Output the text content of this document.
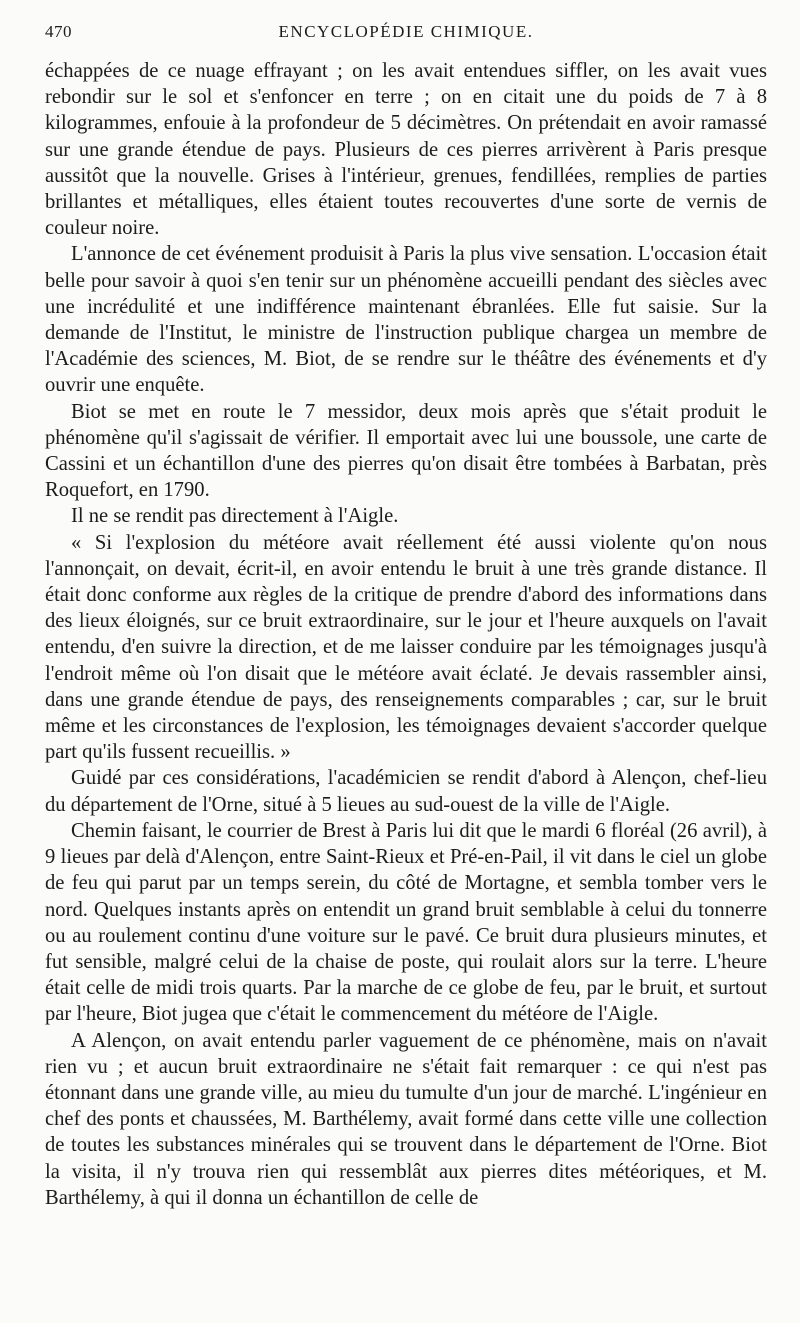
470	ENCYCLOPÉDIE CHIMIQUE.

échappées de ce nuage effrayant ; on les avait entendues siffler, on les avait vues rebondir sur le sol et s'enfoncer en terre ; on en citait une du poids de 7 à 8 kilogrammes, enfouie à la profondeur de 5 décimètres. On prétendait en avoir ramassé sur une grande étendue de pays. Plusieurs de ces pierres arrivèrent à Paris presque aussitôt que la nouvelle. Grises à l'intérieur, grenues, fendillées, remplies de parties brillantes et métalliques, elles étaient toutes recouvertes d'une sorte de vernis de couleur noire.

L'annonce de cet événement produisit à Paris la plus vive sensation. L'occasion était belle pour savoir à quoi s'en tenir sur un phénomène accueilli pendant des siècles avec une incrédulité et une indifférence maintenant ébranlées. Elle fut saisie. Sur la demande de l'Institut, le ministre de l'instruction publique chargea un membre de l'Académie des sciences, M. Biot, de se rendre sur le théâtre des événements et d'y ouvrir une enquête.

Biot se met en route le 7 messidor, deux mois après que s'était produit le phénomène qu'il s'agissait de vérifier. Il emportait avec lui une boussole, une carte de Cassini et un échantillon d'une des pierres qu'on disait être tombées à Barbatan, près Roquefort, en 1790.

Il ne se rendit pas directement à l'Aigle.

« Si l'explosion du météore avait réellement été aussi violente qu'on nous l'annonçait, on devait, écrit-il, en avoir entendu le bruit à une très grande distance. Il était donc conforme aux règles de la critique de prendre d'abord des informations dans des lieux éloignés, sur ce bruit extraordinaire, sur le jour et l'heure auxquels on l'avait entendu, d'en suivre la direction, et de me laisser conduire par les témoignages jusqu'à l'endroit même où l'on disait que le météore avait éclaté. Je devais rassembler ainsi, dans une grande étendue de pays, des renseignements comparables ; car, sur le bruit même et les circonstances de l'explosion, les témoignages devaient s'accorder quelque part qu'ils fussent recueillis. »

Guidé par ces considérations, l'académicien se rendit d'abord à Alençon, chef-lieu du département de l'Orne, situé à 5 lieues au sud-ouest de la ville de l'Aigle.

Chemin faisant, le courrier de Brest à Paris lui dit que le mardi 6 floréal (26 avril), à 9 lieues par delà d'Alençon, entre Saint-Rieux et Pré-en-Pail, il vit dans le ciel un globe de feu qui parut par un temps serein, du côté de Mortagne, et sembla tomber vers le nord. Quelques instants après on entendit un grand bruit semblable à celui du tonnerre ou au roulement continu d'une voiture sur le pavé. Ce bruit dura plusieurs minutes, et fut sensible, malgré celui de la chaise de poste, qui roulait alors sur la terre. L'heure était celle de midi trois quarts. Par la marche de ce globe de feu, par le bruit, et surtout par l'heure, Biot jugea que c'était le commencement du météore de l'Aigle.

A Alençon, on avait entendu parler vaguement de ce phénomène, mais on n'avait rien vu ; et aucun bruit extraordinaire ne s'était fait remarquer : ce qui n'est pas étonnant dans une grande ville, au mieu du tumulte d'un jour de marché. L'ingénieur en chef des ponts et chaussées, M. Barthélemy, avait formé dans cette ville une collection de toutes les substances minérales qui se trouvent dans le département de l'Orne. Biot la visita, il n'y trouva rien qui ressemblât aux pierres dites météoriques, et M. Barthélemy, à qui il donna un échantillon de celle de
